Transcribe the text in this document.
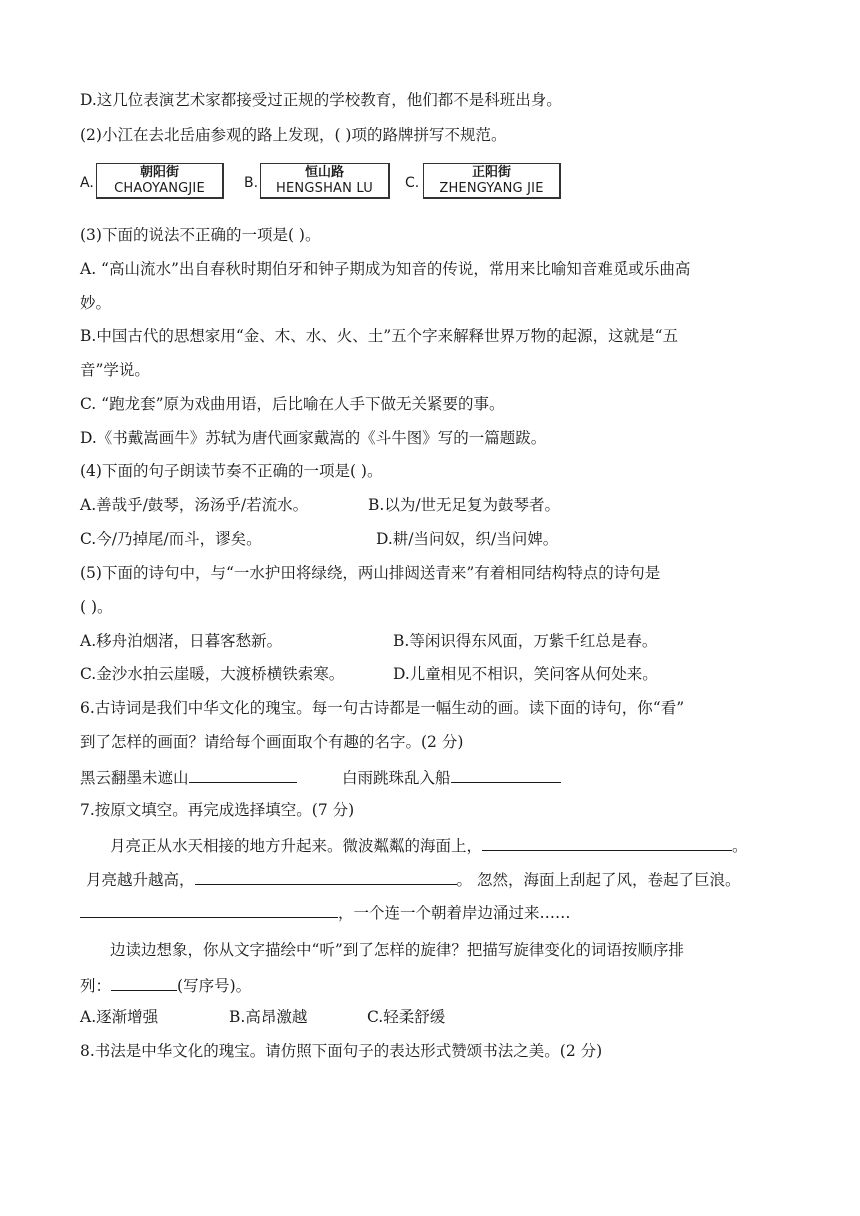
D.这几位表演艺术家都接受过正规的学校教育，他们都不是科班出身。
(2)小江在去北岳庙参观的路上发现，( )项的路牌拼写不规范。
A.
朝阳街
CHAOYANGJIE	B.
恒山路
HENGSHAN LU	C.
正阳街
ZHENGYANG JIE
(3)下面的说法不正确的一项是( )。
A. “高山流水”出自春秋时期伯牙和钟子期成为知音的传说，常用来比喻知音难觅或乐曲高
妙。
B.中国古代的思想家用“金、木、水、火、土”五个字来解释世界万物的起源，这就是“五
音”学说。
C. “跑龙套”原为戏曲用语，后比喻在人手下做无关紧要的事。
D.《书戴嵩画牛》苏轼为唐代画家戴嵩的《斗牛图》写的一篇题跋。
(4)下面的句子朗读节奏不正确的一项是( )。
A.善哉乎/鼓琴，汤汤乎/若流水。	B.以为/世无足复为鼓琴者。
C.今/乃掉尾/而斗，谬矣。	D.耕/当问奴，织/当问婢。
(5)下面的诗句中，与“一水护田将绿绕，两山排闼送青来”有着相同结构特点的诗句是
( )。
A.移舟泊烟渚，日暮客愁新。	B.等闲识得东风面，万紫千红总是春。
C.金沙水拍云崖暖，大渡桥横铁索寒。	D.儿童相见不相识，笑问客从何处来。
6.古诗词是我们中华文化的瑰宝。每一句古诗都是一幅生动的画。读下面的诗句，你“看”
到了怎样的画面？请给每个画面取个有趣的名字。(2 分)
黑云翻墨未遮山	白雨跳珠乱入船
7.按原文填空。再完成选择填空。(7 分)
月亮正从水天相接的地方升起来。微波粼粼的海面上，	。
月亮越升越高，	。 忽然，海面上刮起了风，卷起了巨浪。
，一个连一个朝着岸边涌过来……
边读边想象，你从文字描绘中“听”到了怎样的旋律？把描写旋律变化的词语按顺序排
列：	(写序号)。
A.逐渐增强	B.高昂激越	C.轻柔舒缓
8.书法是中华文化的瑰宝。请仿照下面句子的表达形式赞颂书法之美。(2 分)
